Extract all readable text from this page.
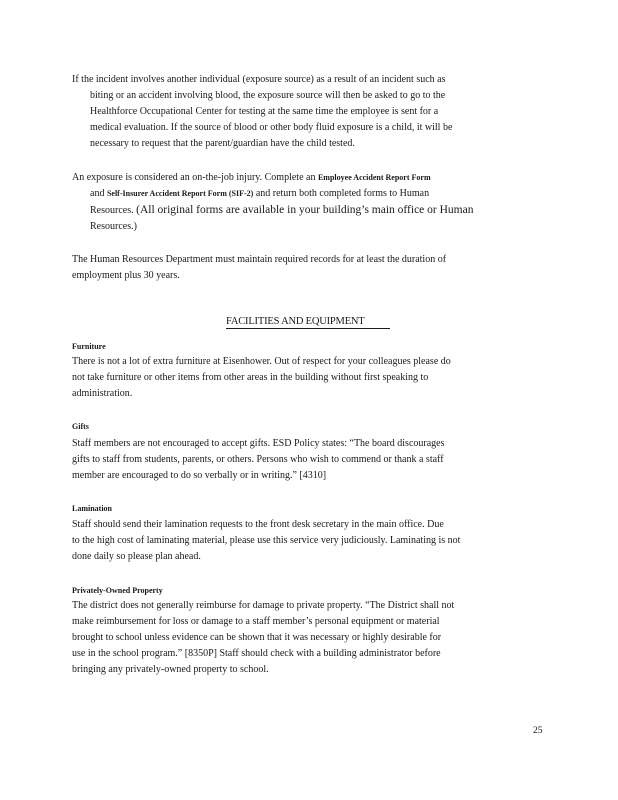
If the incident involves another individual (exposure source) as a result of an incident such as
biting or an accident involving blood, the exposure source will then be asked to go to the
Healthforce Occupational Center for testing at the same time the employee is sent for a
medical evaluation. If the source of blood or other body fluid exposure is a child, it will be
necessary to request that the parent/guardian have the child tested.
An exposure is considered an on-the-job injury. Complete an Employee Accident Report Form
and Self-Insurer Accident Report Form (SIF-2) and return both completed forms to Human
Resources. (All original forms are available in your building’s main office or Human
Resources.)
The Human Resources Department must maintain required records for at least the duration of
employment plus 30 years.
FACILITIES AND EQUIPMENT
Furniture
There is not a lot of extra furniture at Eisenhower. Out of respect for your colleagues please do
not take furniture or other items from other areas in the building without first speaking to
administration.
Gifts
Staff members are not encouraged to accept gifts. ESD Policy states: “The board discourages
gifts to staff from students, parents, or others. Persons who wish to commend or thank a staff
member are encouraged to do so verbally or in writing.” [4310]
Lamination
Staff should send their lamination requests to the front desk secretary in the main office. Due
to the high cost of laminating material, please use this service very judiciously. Laminating is not
done daily so please plan ahead.
Privately-Owned Property
The district does not generally reimburse for damage to private property. “The District shall not
make reimbursement for loss or damage to a staff member’s personal equipment or material
brought to school unless evidence can be shown that it was necessary or highly desirable for
use in the school program.” [8350P] Staff should check with a building administrator before
bringing any privately-owned property to school.
25
